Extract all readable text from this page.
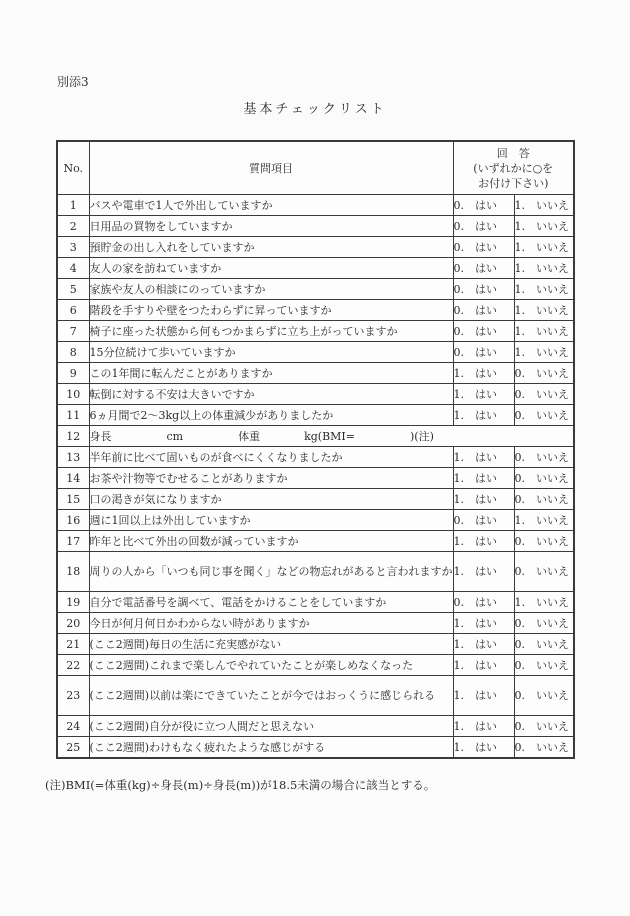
別添3
基本チェックリスト
No.	質問項目	回　答
(いずれかに○を
お付け下さい)	

1	バスや電車で1人で外出していますか	0.　はい	1.　いいえ
2	日用品の買物をしていますか	0.　はい	1.　いいえ
3	預貯金の出し入れをしていますか	0.　はい	1.　いいえ
4	友人の家を訪ねていますか	0.　はい	1.　いいえ
5	家族や友人の相談にのっていますか	0.　はい	1.　いいえ
6	階段を手すりや壁をつたわらずに昇っていますか	0.　はい	1.　いいえ
7	椅子に座った状態から何もつかまらずに立ち上がっていますか	0.　はい	1.　いいえ
8	15分位続けて歩いていますか	0.　はい	1.　いいえ
9	この1年間に転んだことがありますか	1.　はい	0.　いいえ
10	転倒に対する不安は大きいですか	1.　はい	0.　いいえ
11	6ヵ月間で2〜3kg以上の体重減少がありましたか	1.　はい	0.　いいえ
12	身長　　　　　cm　　　　　体重　　　　kg(BMI=　　　　　)(注)		
13	半年前に比べて固いものが食べにくくなりましたか	1.　はい	0.　いいえ
14	お茶や汁物等でむせることがありますか	1.　はい	0.　いいえ
15	口の渇きが気になりますか	1.　はい	0.　いいえ
16	週に1回以上は外出していますか	0.　はい	1.　いいえ
17	昨年と比べて外出の回数が減っていますか	1.　はい	0.　いいえ
18	周りの人から「いつも同じ事を聞く」などの物忘れがあると言われますか	1.　はい	0.　いいえ
19	自分で電話番号を調べて、電話をかけることをしていますか	0.　はい	1.　いいえ
20	今日が何月何日かわからない時がありますか	1.　はい	0.　いいえ
21	(ここ2週間)毎日の生活に充実感がない	1.　はい	0.　いいえ
22	(ここ2週間)これまで楽しんでやれていたことが楽しめなくなった	1.　はい	0.　いいえ
23	(ここ2週間)以前は楽にできていたことが今ではおっくうに感じられる	1.　はい	0.　いいえ
24	(ここ2週間)自分が役に立つ人間だと思えない	1.　はい	0.　いいえ
25	(ここ2週間)わけもなく疲れたような感じがする	1.　はい	0.　いいえ
(注)BMI(=体重(kg)÷身長(m)÷身長(m))が18.5未満の場合に該当とする。
